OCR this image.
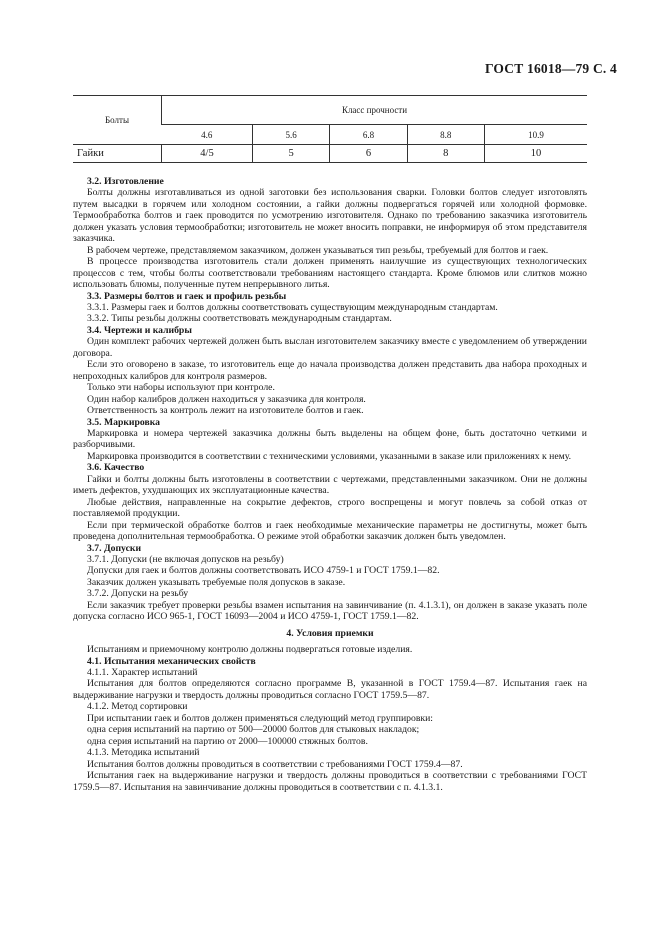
ГОСТ 16018—79 С. 4
Болты	Класс прочности				
	4.6	5.6	6.8	8.8	10.9
Гайки	4/5	5	6	8	10

3.2. Изготовление

Болты должны изготавливаться из одной заготовки без использования сварки. Головки болтов следует изготовлять путем высадки в горячем или холодном состоянии, а гайки должны подвергаться горячей или холодной формовке. Термообработка болтов и гаек проводится по усмотрению изготовителя. Однако по требованию заказчика изготовитель должен указать условия термообработки; изготовитель не может вносить поправки, не информируя об этом представителя заказчика.

В рабочем чертеже, представляемом заказчиком, должен указываться тип резьбы, требуемый для болтов и гаек.

В процессе производства изготовитель стали должен применять наилучшие из существующих технологических процессов с тем, чтобы болты соответствовали требованиям настоящего стандарта. Кроме блюмов или слитков можно использовать блюмы, полученные путем непрерывного литья.

3.3. Размеры болтов и гаек и профиль резьбы

3.3.1. Размеры гаек и болтов должны соответствовать существующим международным стандартам.

3.3.2. Типы резьбы должны соответствовать международным стандартам.

3.4. Чертежи и калибры

Один комплект рабочих чертежей должен быть выслан изготовителем заказчику вместе с уведомлением об утверждении договора.

Если это оговорено в заказе, то изготовитель еще до начала производства должен представить два набора проходных и непроходных калибров для контроля размеров.

Только эти наборы используют при контроле.

Один набор калибров должен находиться у заказчика для контроля.

Ответственность за контроль лежит на изготовителе болтов и гаек.

3.5. Маркировка

Маркировка и номера чертежей заказчика должны быть выделены на общем фоне, быть достаточно четкими и разборчивыми.

Маркировка производится в соответствии с техническими условиями, указанными в заказе или приложениях к нему.

3.6. Качество

Гайки и болты должны быть изготовлены в соответствии с чертежами, представленными заказчиком. Они не должны иметь дефектов, ухудшающих их эксплуатационные качества.

Любые действия, направленные на сокрытие дефектов, строго воспрещены и могут повлечь за собой отказ от поставляемой продукции.

Если при термической обработке болтов и гаек необходимые механические параметры не достигнуты, может быть проведена дополнительная термообработка. О режиме этой обработки заказчик должен быть уведомлен.

3.7. Допуски

3.7.1. Допуски (не включая допусков на резьбу)

Допуски для гаек и болтов должны соответствовать ИСО 4759-1 и ГОСТ 1759.1—82.

Заказчик должен указывать требуемые поля допусков в заказе.

3.7.2. Допуски на резьбу

Если заказчик требует проверки резьбы взамен испытания на завинчивание (п. 4.1.3.1), он должен в заказе указать поле допуска согласно ИСО 965-1, ГОСТ 16093—2004 и ИСО 4759-1, ГОСТ 1759.1—82.

4. Условия приемки

Испытаниям и приемочному контролю должны подвергаться готовые изделия.

4.1. Испытания механических свойств

4.1.1. Характер испытаний

Испытания для болтов определяются согласно программе В, указанной в ГОСТ 1759.4—87. Испытания гаек на выдерживание нагрузки и твердость должны проводиться согласно ГОСТ 1759.5—87.

4.1.2. Метод сортировки

При испытании гаек и болтов должен применяться следующий метод группировки:

одна серия испытаний на партию от 500—20000 болтов для стыковых накладок;

одна серия испытаний на партию от 2000—100000 стяжных болтов.

4.1.3. Методика испытаний

Испытания болтов должны проводиться в соответствии с требованиями ГОСТ 1759.4—87.

Испытания гаек на выдерживание нагрузки и твердость должны проводиться в соответствии с требованиями ГОСТ 1759.5—87. Испытания на завинчивание должны проводиться в соответствии с п. 4.1.3.1.
